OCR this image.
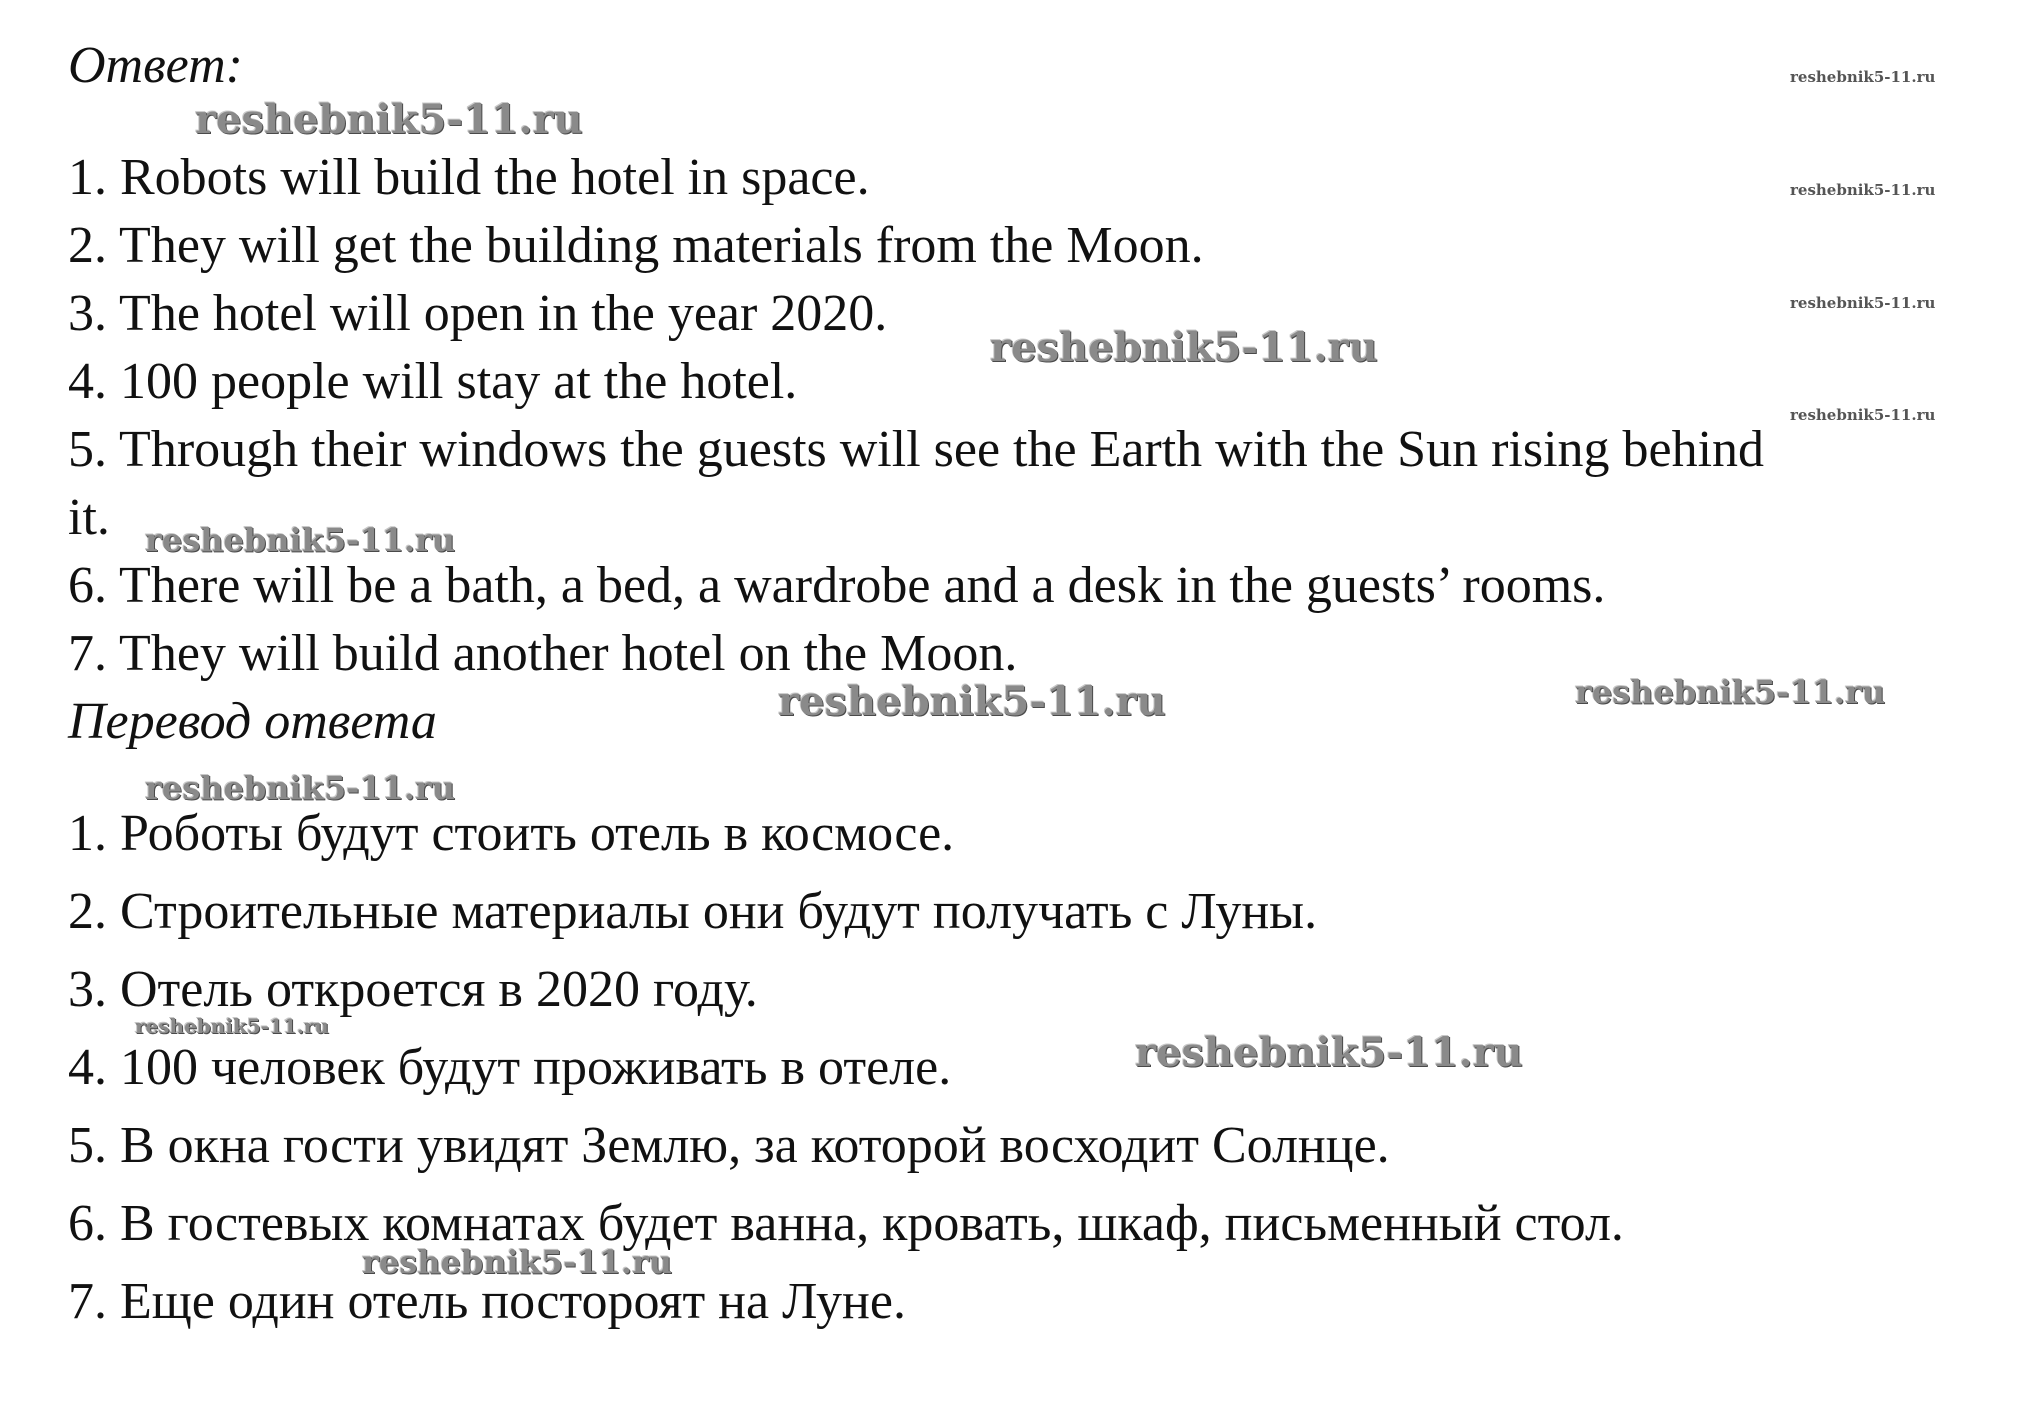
Ответ:
1. Robots will build the hotel in space.
2. They will get the building materials from the Moon.
3. The hotel will open in the year 2020.
4. 100 people will stay at the hotel.
5. Through their windows the guests will see the Earth with the Sun rising behind
it.
6. There will be a bath, a bed, a wardrobe and a desk in the guests’ rooms.
7. They will build another hotel on the Moon.
Перевод ответа
1. Роботы будут стоить отель в космосе.
2. Строительные материалы они будут получать с Луны.
3. Отель откроется в 2020 году.
4. 100 человек будут проживать в отеле.
5. В окна гости увидят Землю, за которой восходит Солнце.
6. В гостевых комнатах будет ванна, кровать, шкаф, письменный стол.
7. Еще один отель постороят на Луне.
reshebnik5-11.ru
reshebnik5-11.ru
reshebnik5-11.ru
reshebnik5-11.ru
reshebnik5-11.ru
reshebnik5-11.ru
reshebnik5-11.ru
reshebnik5-11.ru	reshebnik5-11.ru
reshebnik5-11.ru
reshebnik5-11.ru
reshebnik5-11.ru
reshebnik5-11.ru
